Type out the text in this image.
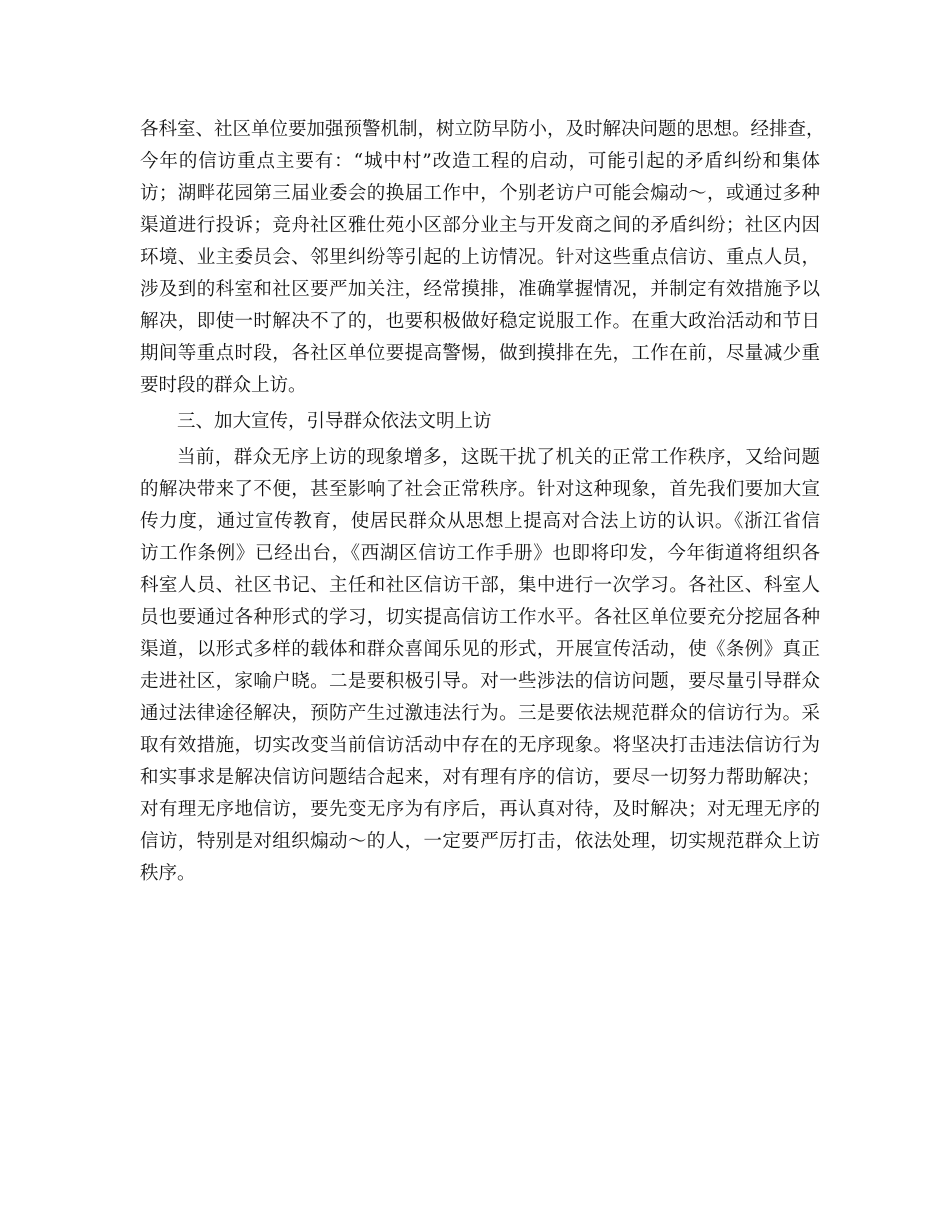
各科室、社区单位要加强预警机制，树立防早防小，及时解决问题的思想。经排查，
今年的信访重点主要有：“城中村”改造工程的启动，可能引起的矛盾纠纷和集体
访；湖畔花园第三届业委会的换届工作中，个别老访户可能会煽动～，或通过多种
渠道进行投诉；竞舟社区雅仕苑小区部分业主与开发商之间的矛盾纠纷；社区内因
环境、业主委员会、邻里纠纷等引起的上访情况。针对这些重点信访、重点人员，
涉及到的科室和社区要严加关注，经常摸排，准确掌握情况，并制定有效措施予以
解决，即使一时解决不了的，也要积极做好稳定说服工作。在重大政治活动和节日
期间等重点时段，各社区单位要提高警惕，做到摸排在先，工作在前，尽量减少重
要时段的群众上访。
三、加大宣传，引导群众依法文明上访
当前，群众无序上访的现象增多，这既干扰了机关的正常工作秩序，又给问题
的解决带来了不便，甚至影响了社会正常秩序。针对这种现象，首先我们要加大宣
传力度，通过宣传教育，使居民群众从思想上提高对合法上访的认识。《浙江省信
访工作条例》已经出台，《西湖区信访工作手册》也即将印发，今年街道将组织各
科室人员、社区书记、主任和社区信访干部，集中进行一次学习。各社区、科室人
员也要通过各种形式的学习，切实提高信访工作水平。各社区单位要充分挖屈各种
渠道，以形式多样的载体和群众喜闻乐见的形式，开展宣传活动，使《条例》真正
走进社区，家喻户晓。二是要积极引导。对一些涉法的信访问题，要尽量引导群众
通过法律途径解决，预防产生过激违法行为。三是要依法规范群众的信访行为。采
取有效措施，切实改变当前信访活动中存在的无序现象。将坚决打击违法信访行为
和实事求是解决信访问题结合起来，对有理有序的信访，要尽一切努力帮助解决；
对有理无序地信访，要先变无序为有序后，再认真对待，及时解决；对无理无序的
信访，特别是对组织煽动～的人，一定要严厉打击，依法处理，切实规范群众上访
秩序。
